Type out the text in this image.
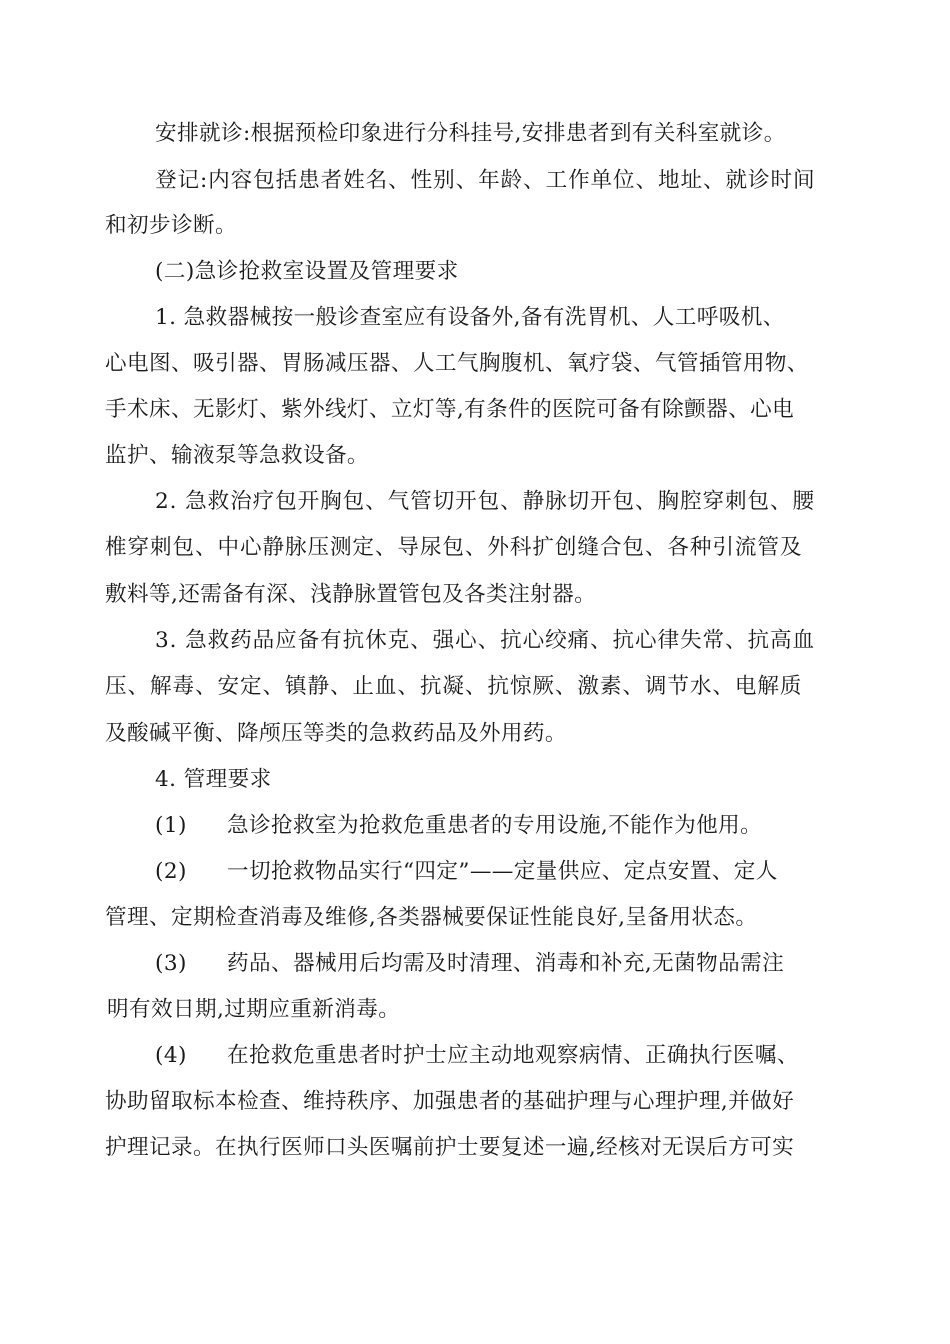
安排就诊:根据预检印象进行分科挂号,安排患者到有关科室就诊。
登记:内容包括患者姓名、性别、年龄、工作单位、地址、就诊时间
和初步诊断。
(二)急诊抢救室设置及管理要求
1. 急救器械按一般诊查室应有设备外,备有洗胃机、人工呼吸机、
心电图、吸引器、胃肠减压器、人工气胸腹机、氧疗袋、气管插管用物、
手术床、无影灯、紫外线灯、立灯等,有条件的医院可备有除颤器、心电
监护、输液泵等急救设备。
2. 急救治疗包开胸包、气管切开包、静脉切开包、胸腔穿刺包、腰
椎穿刺包、中心静脉压测定、导尿包、外科扩创缝合包、各种引流管及
敷料等,还需备有深、浅静脉置管包及各类注射器。
3. 急救药品应备有抗休克、强心、抗心绞痛、抗心律失常、抗高血
压、解毒、安定、镇静、止血、抗凝、抗惊厥、激素、调节水、电解质
及酸碱平衡、降颅压等类的急救药品及外用药。
4. 管理要求
(1) 急诊抢救室为抢救危重患者的专用设施,不能作为他用。
(2) 一切抢救物品实行“四定”——定量供应、定点安置、定人
管理、定期检查消毒及维修,各类器械要保证性能良好,呈备用状态。
(3) 药品、器械用后均需及时清理、消毒和补充,无菌物品需注
明有效日期,过期应重新消毒。
(4) 在抢救危重患者时护士应主动地观察病情、正确执行医嘱、
协助留取标本检查、维持秩序、加强患者的基础护理与心理护理,并做好
护理记录。在执行医师口头医嘱前护士要复述一遍,经核对无误后方可实
